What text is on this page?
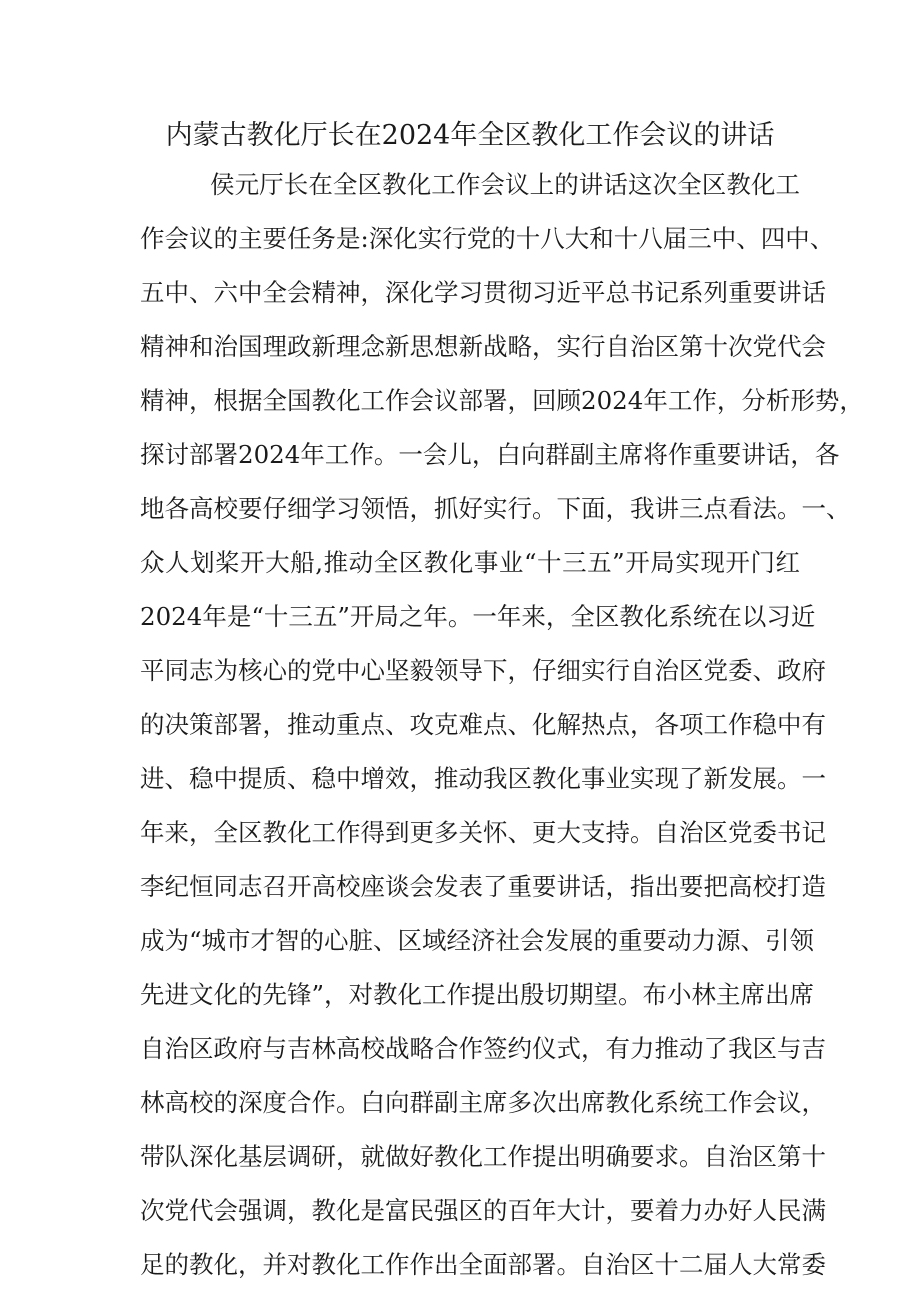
内蒙古教化厅长在2024年全区教化工作会议的讲话
侯元厅长在全区教化工作会议上的讲话这次全区教化工
作会议的主要任务是:深化实行党的十八大和十八届三中、四中、
五中、六中全会精神，深化学习贯彻习近平总书记系列重要讲话
精神和治国理政新理念新思想新战略，实行自治区第十次党代会
精神，根据全国教化工作会议部署，回顾2024年工作，分析形势，
探讨部署2024年工作。一会儿，白向群副主席将作重要讲话，各
地各高校要仔细学习领悟，抓好实行。下面，我讲三点看法。一、
众人划桨开大船,推动全区教化事业“十三五”开局实现开门红
2024年是“十三五”开局之年。一年来，全区教化系统在以习近
平同志为核心的党中心坚毅领导下，仔细实行自治区党委、政府
的决策部署，推动重点、攻克难点、化解热点，各项工作稳中有
进、稳中提质、稳中增效，推动我区教化事业实现了新发展。一
年来，全区教化工作得到更多关怀、更大支持。自治区党委书记
李纪恒同志召开高校座谈会发表了重要讲话，指出要把高校打造
成为“城市才智的心脏、区域经济社会发展的重要动力源、引领
先进文化的先锋”，对教化工作提出殷切期望。布小林主席出席
自治区政府与吉林高校战略合作签约仪式，有力推动了我区与吉
林高校的深度合作。白向群副主席多次出席教化系统工作会议，
带队深化基层调研，就做好教化工作提出明确要求。自治区第十
次党代会强调，教化是富民强区的百年大计，要着力办好人民满
足的教化，并对教化工作作出全面部署。自治区十二届人大常委
